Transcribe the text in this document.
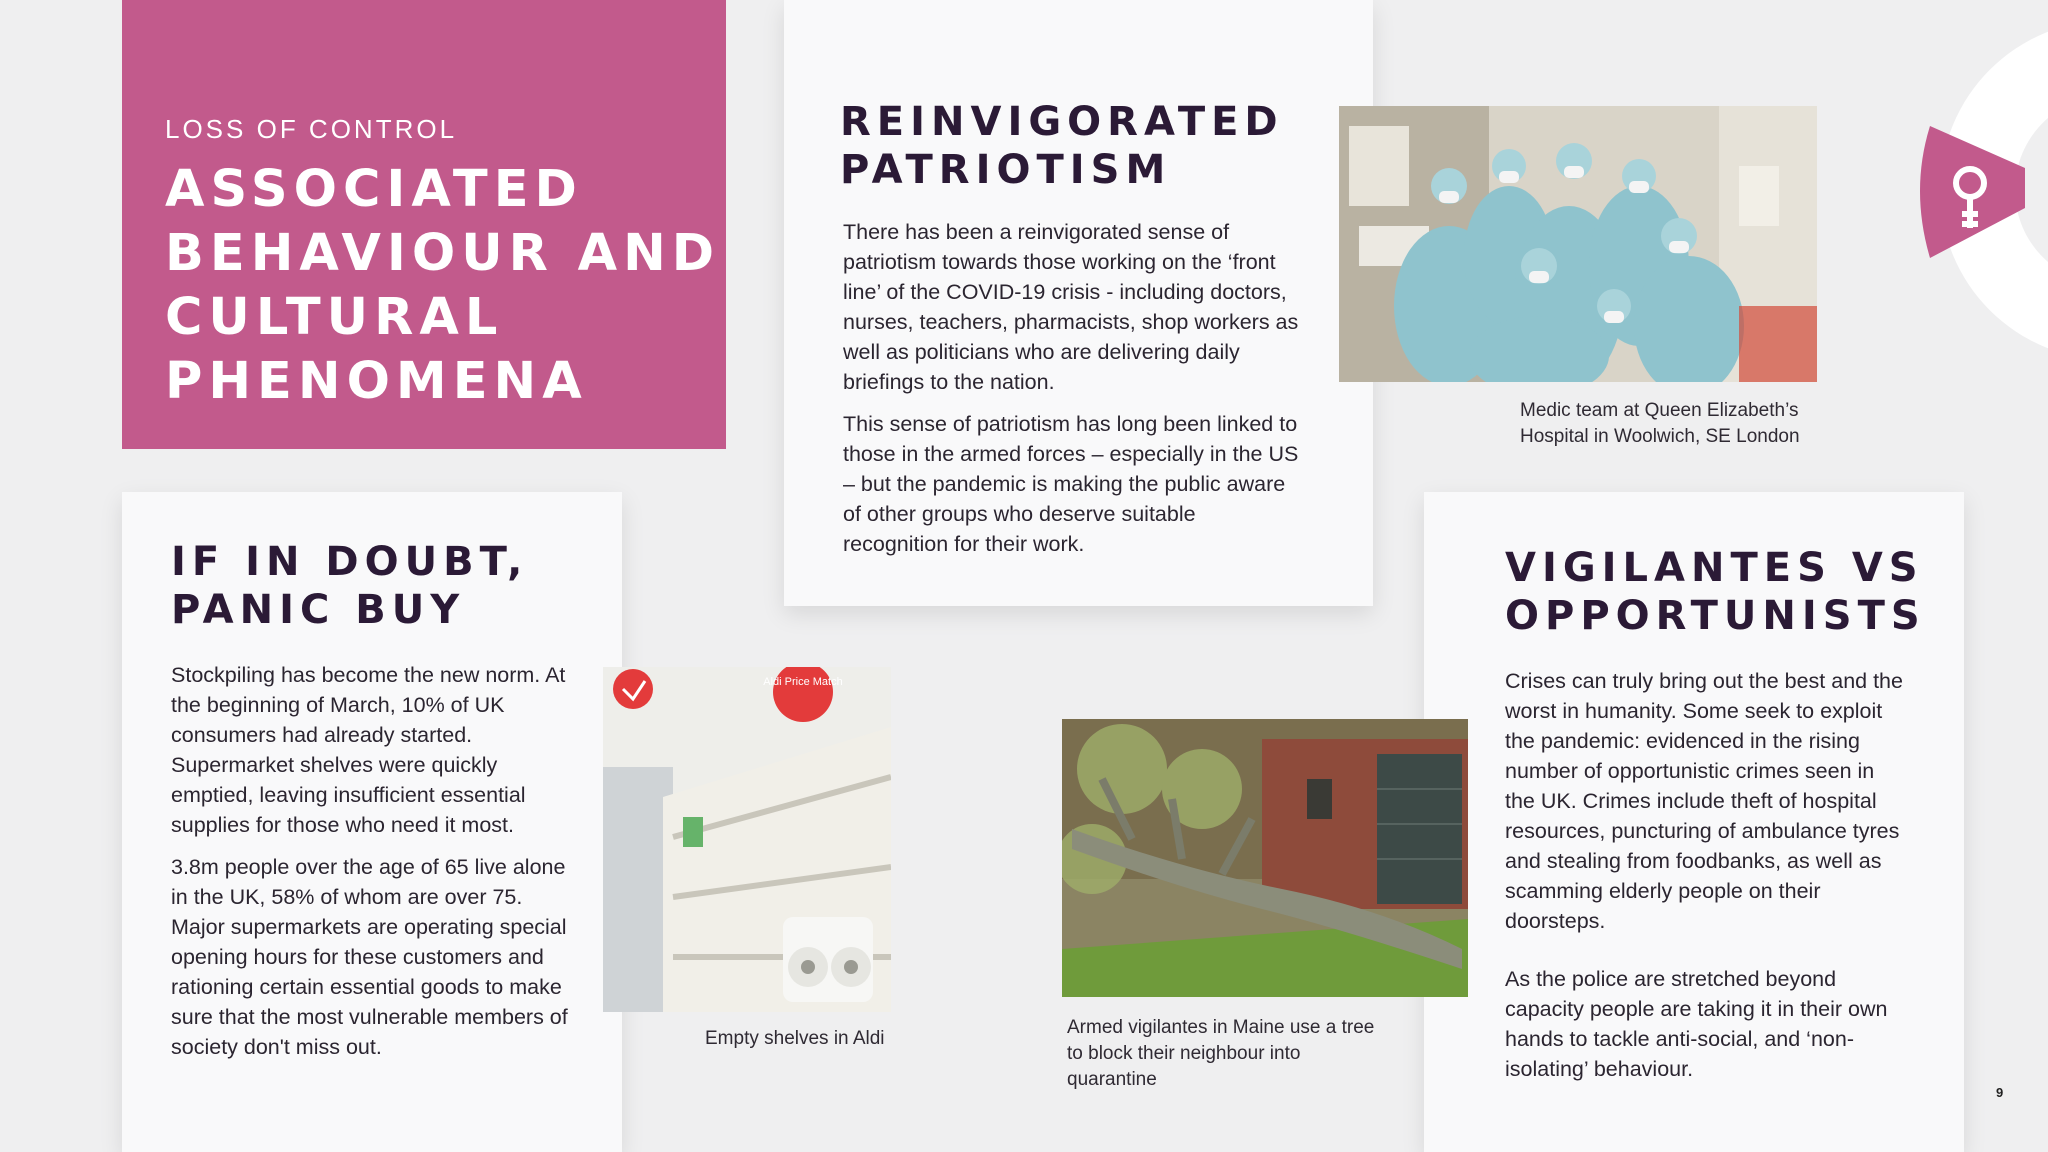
LOSS OF CONTROL
ASSOCIATED BEHAVIOUR AND CULTURAL PHENOMENA
REINVIGORATED
PATRIOTISM

There has been a reinvigorated sense of patriotism towards those working on the ‘front line’ of the COVID-19 crisis - including doctors, nurses, teachers, pharmacists, shop workers as well as politicians who are delivering daily briefings to the nation.

This sense of patriotism has long been linked to those in the armed forces – especially in the US – but the pandemic is making the public aware of other groups who deserve suitable recognition for their work.

IF IN DOUBT,
PANIC BUY

Stockpiling has become the new norm. At the beginning of March, 10% of UK consumers had already started. Supermarket shelves were quickly emptied, leaving insufficient essential supplies for those who need it most.

3.8m people over the age of 65 live alone in the UK, 58% of whom are over 75. Major supermarkets are operating special opening hours for these customers and rationing certain essential goods to make sure that the most vulnerable members of society don't miss out.

VIGILANTES VS
OPPORTUNISTS

Crises can truly bring out the best and the worst in humanity. Some seek to exploit the pandemic: evidenced in the rising number of opportunistic crimes seen in the UK. Crimes include theft of hospital resources, puncturing of ambulance tyres and stealing from foodbanks, as well as scamming elderly people on their doorsteps.

As the police are stretched beyond capacity people are taking it in their own hands to tackle anti-social, and ‘non-isolating’ behaviour.

Aldi Price Match
Medic team at Queen Elizabeth’s Hospital in Woolwich, SE London
Empty shelves in Aldi
Armed vigilantes in Maine use a tree to block their neighbour into quarantine
9
